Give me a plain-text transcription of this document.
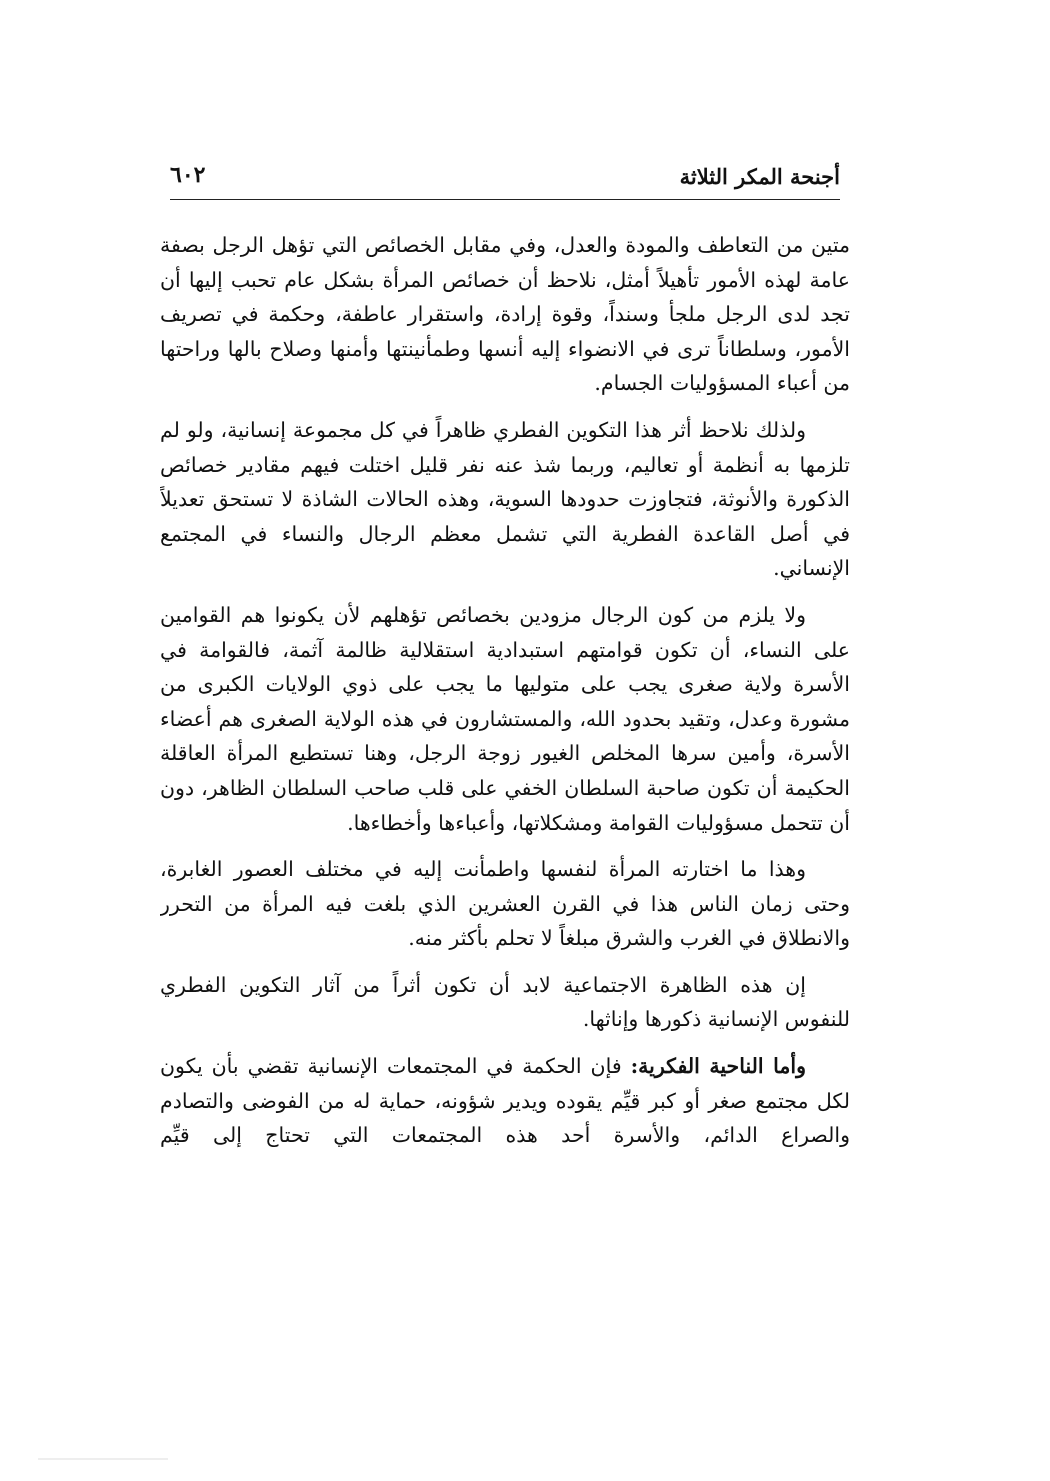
أجنحة المكر الثلاثة
٦٠٢

متين من التعاطف والمودة والعدل، وفي مقابل الخصائص التي تؤهل الرجل بصفة عامة لهذه الأمور تأهيلاً أمثل، نلاحظ أن خصائص المرأة بشكل عام تحبب إليها أن تجد لدى الرجل ملجأ وسنداً، وقوة إرادة، واستقرار عاطفة، وحكمة في تصريف الأمور، وسلطاناً ترى في الانضواء إليه أنسها وطمأنينتها وأمنها وصلاح بالها وراحتها من أعباء المسؤوليات الجسام.

ولذلك نلاحظ أثر هذا التكوين الفطري ظاهراً في كل مجموعة إنسانية، ولو لم تلزمها به أنظمة أو تعاليم، وربما شذ عنه نفر قليل اختلت فيهم مقادير خصائص الذكورة والأنوثة، فتجاوزت حدودها السوية، وهذه الحالات الشاذة لا تستحق تعديلاً في أصل القاعدة الفطرية التي تشمل معظم الرجال والنساء في المجتمع الإنساني.

ولا يلزم من كون الرجال مزودين بخصائص تؤهلهم لأن يكونوا هم القوامين على النساء، أن تكون قوامتهم استبدادية استقلالية ظالمة آثمة، فالقوامة في الأسرة ولاية صغرى يجب على متوليها ما يجب على ذوي الولايات الكبرى من مشورة وعدل، وتقيد بحدود الله، والمستشارون في هذه الولاية الصغرى هم أعضاء الأسرة، وأمين سرها المخلص الغيور زوجة الرجل، وهنا تستطيع المرأة العاقلة الحكيمة أن تكون صاحبة السلطان الخفي على قلب صاحب السلطان الظاهر، دون أن تتحمل مسؤوليات القوامة ومشكلاتها، وأعباءها وأخطاءها.

وهذا ما اختارته المرأة لنفسها واطمأنت إليه في مختلف العصور الغابرة، وحتى زمان الناس هذا في القرن العشرين الذي بلغت فيه المرأة من التحرر والانطلاق في الغرب والشرق مبلغاً لا تحلم بأكثر منه.

إن هذه الظاهرة الاجتماعية لابد أن تكون أثراً من آثار التكوين الفطري للنفوس الإنسانية ذكورها وإناثها.

وأما الناحية الفكرية: فإن الحكمة في المجتمعات الإنسانية تقضي بأن يكون لكل مجتمع صغر أو كبر قيِّم يقوده ويدير شؤونه، حماية له من الفوضى والتصادم والصراع الدائم، والأسرة أحد هذه المجتمعات التي تحتاج إلى قيِّم
